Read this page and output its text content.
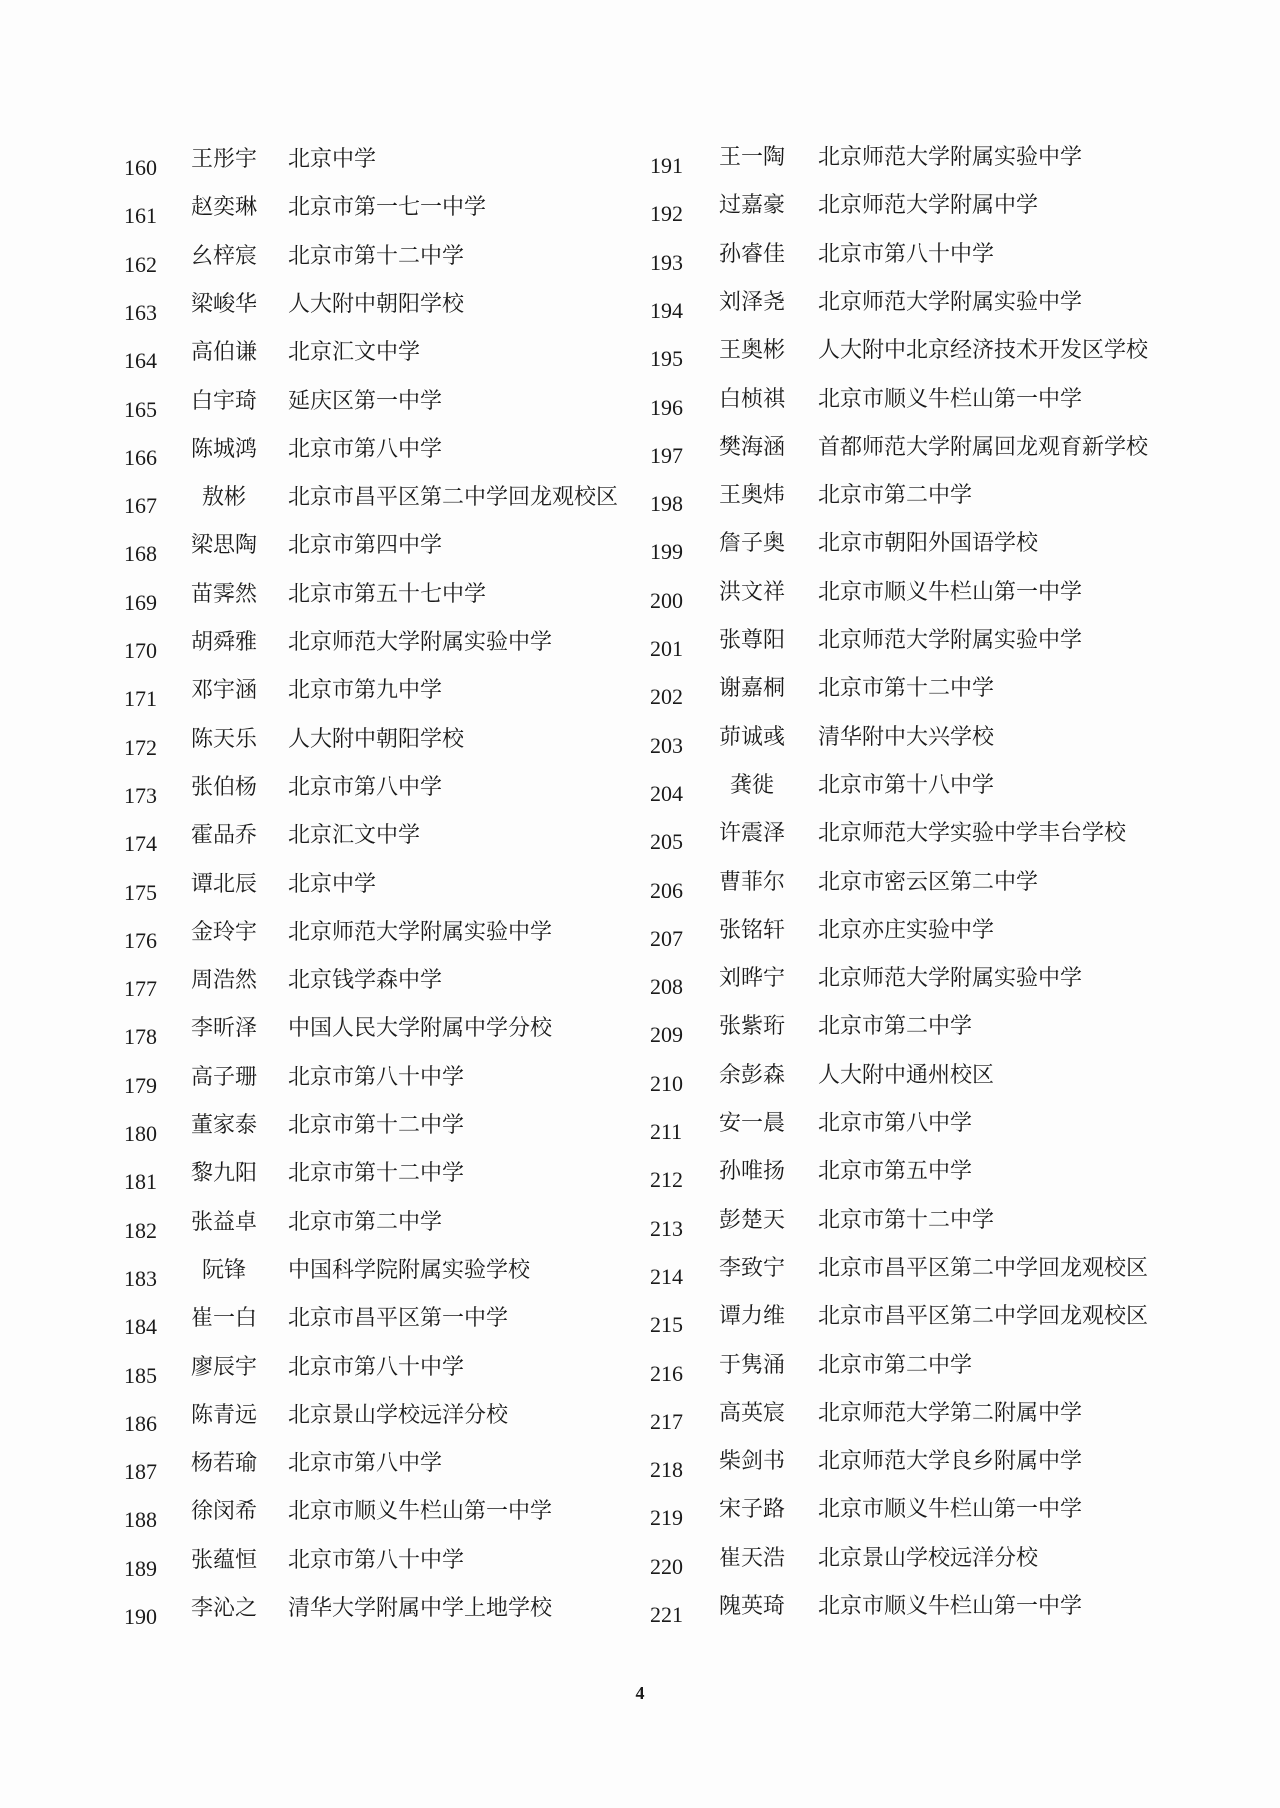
160	王彤宇	北京中学
161	赵奕琳	北京市第一七一中学
162	幺梓宸	北京市第十二中学
163	梁峻华	人大附中朝阳学校
164	高伯谦	北京汇文中学
165	白宇琦	延庆区第一中学
166	陈城鸿	北京市第八中学
167	敖彬	北京市昌平区第二中学回龙观校区
168	梁思陶	北京市第四中学
169	苗霁然	北京市第五十七中学
170	胡舜雅	北京师范大学附属实验中学
171	邓宇涵	北京市第九中学
172	陈天乐	人大附中朝阳学校
173	张伯杨	北京市第八中学
174	霍品乔	北京汇文中学
175	谭北辰	北京中学
176	金玲宇	北京师范大学附属实验中学
177	周浩然	北京钱学森中学
178	李昕泽	中国人民大学附属中学分校
179	高子珊	北京市第八十中学
180	董家泰	北京市第十二中学
181	黎九阳	北京市第十二中学
182	张益卓	北京市第二中学
183	阮锋	中国科学院附属实验学校
184	崔一白	北京市昌平区第一中学
185	廖辰宇	北京市第八十中学
186	陈青远	北京景山学校远洋分校
187	杨若瑜	北京市第八中学
188	徐闵希	北京市顺义牛栏山第一中学
189	张蕴恒	北京市第八十中学
190	李沁之	清华大学附属中学上地学校
191	王一陶	北京师范大学附属实验中学
192	过嘉豪	北京师范大学附属中学
193	孙睿佳	北京市第八十中学
194	刘泽尧	北京师范大学附属实验中学
195	王奥彬	人大附中北京经济技术开发区学校
196	白桢祺	北京市顺义牛栏山第一中学
197	樊海涵	首都师范大学附属回龙观育新学校
198	王奥炜	北京市第二中学
199	詹子奥	北京市朝阳外国语学校
200	洪文祥	北京市顺义牛栏山第一中学
201	张尊阳	北京师范大学附属实验中学
202	谢嘉桐	北京市第十二中学
203	茆诚彧	清华附中大兴学校
204	龚徙	北京市第十八中学
205	许震泽	北京师范大学实验中学丰台学校
206	曹菲尔	北京市密云区第二中学
207	张铭轩	北京亦庄实验中学
208	刘晔宁	北京师范大学附属实验中学
209	张紫珩	北京市第二中学
210	余彭森	人大附中通州校区
211	安一晨	北京市第八中学
212	孙唯扬	北京市第五中学
213	彭楚天	北京市第十二中学
214	李致宁	北京市昌平区第二中学回龙观校区
215	谭力维	北京市昌平区第二中学回龙观校区
216	于隽涌	北京市第二中学
217	高英宸	北京师范大学第二附属中学
218	柴剑书	北京师范大学良乡附属中学
219	宋子路	北京市顺义牛栏山第一中学
220	崔天浩	北京景山学校远洋分校
221	隗英琦	北京市顺义牛栏山第一中学
4
